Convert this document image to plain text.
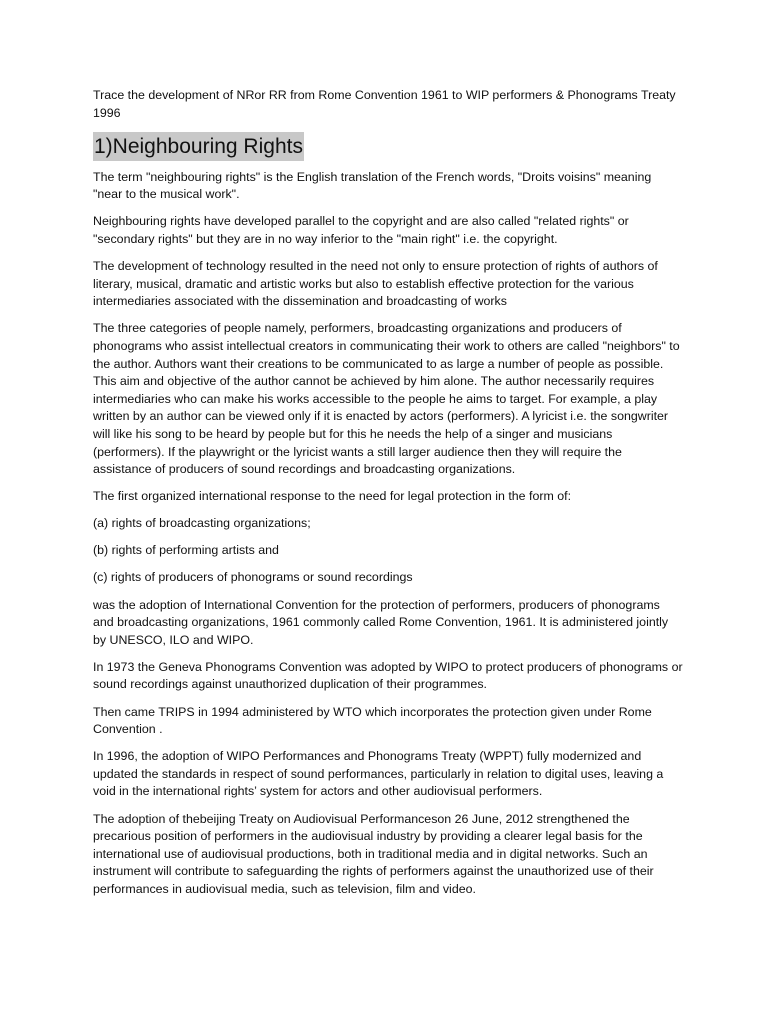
Trace the development of NRor RR from Rome Convention 1961 to WIP performers & Phonograms Treaty 1996

1)Neighbouring Rights

The term "neighbouring rights" is the English translation of the French words, "Droits voisins" meaning "near to the musical work".

Neighbouring rights have developed parallel to the copyright and are also called "related rights" or "secondary rights" but they are in no way inferior to the "main right" i.e. the copyright.

The development of technology resulted in the need not only to ensure protection of rights of authors of literary, musical, dramatic and artistic works but also to establish effective protection for the various intermediaries associated with the dissemination and broadcasting of works

The three categories of people namely, performers, broadcasting organizations and producers of phonograms who assist intellectual creators in communicating their work to others are called "neighbors" to the author. Authors want their creations to be communicated to as large a number of people as possible. This aim and objective of the author cannot be achieved by him alone. The author necessarily requires intermediaries who can make his works accessible to the people he aims to target. For example, a play written by an author can be viewed only if it is enacted by actors (performers). A lyricist i.e. the songwriter will like his song to be heard by people but for this he needs the help of a singer and musicians (performers). If the playwright or the lyricist wants a still larger audience then they will require the assistance of producers of sound recordings and broadcasting organizations.

The first organized international response to the need for legal protection in the form of:

(a) rights of broadcasting organizations;

(b) rights of performing artists and

(c) rights of producers of phonograms or sound recordings

was the adoption of International Convention for the protection of performers, producers of phonograms and broadcasting organizations, 1961 commonly called Rome Convention, 1961. It is administered jointly by UNESCO, ILO and WIPO.

In 1973 the Geneva Phonograms Convention was adopted by WIPO to protect producers of phonograms or sound recordings against unauthorized duplication of their programmes.

Then came TRIPS in 1994 administered by WTO which incorporates the protection given under Rome Convention .

In 1996, the adoption of WIPO Performances and Phonograms Treaty (WPPT) fully modernized and updated the standards in respect of sound performances, particularly in relation to digital uses, leaving a void in the international rights’ system for actors and other audiovisual performers.

The adoption of thebeijing Treaty on Audiovisual Performanceson 26 June, 2012 strengthened the precarious position of performers in the audiovisual industry by providing a clearer legal basis for the international use of audiovisual productions, both in traditional media and in digital networks. Such an instrument will contribute to safeguarding the rights of performers against the unauthorized use of their performances in audiovisual media, such as television, film and video.
